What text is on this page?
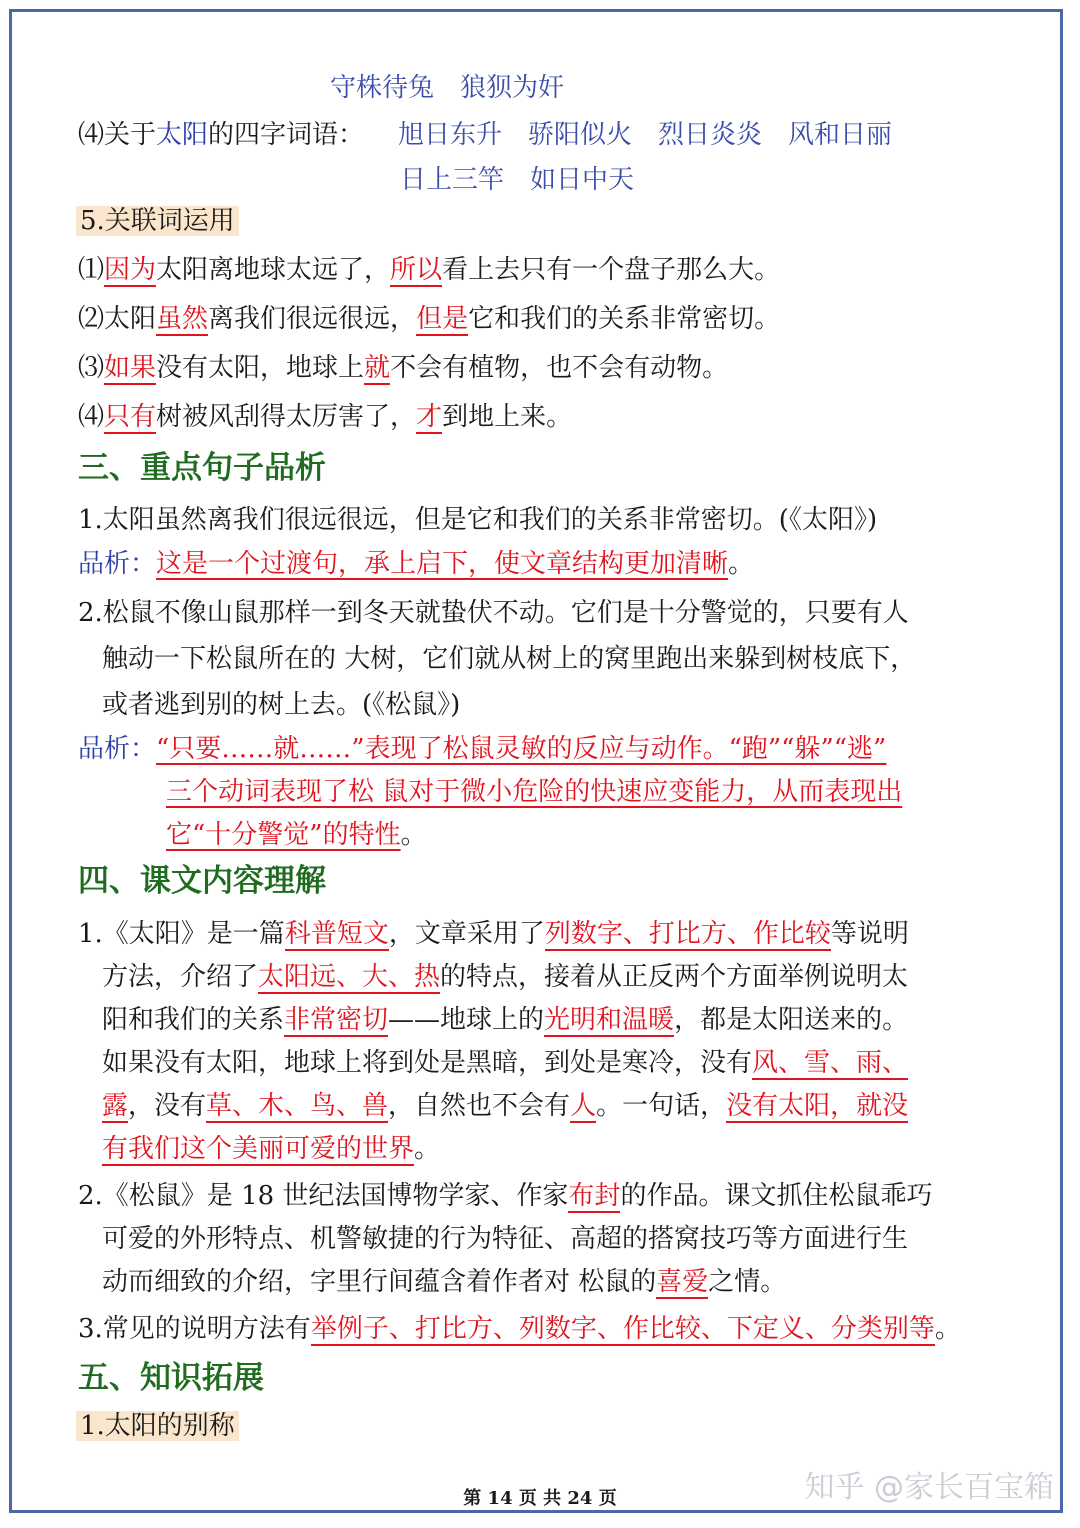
守株待兔　狼狈为奸
⑷关于太阳的四字词语： 旭日东升　骄阳似火　烈日炎炎　风和日丽
日上三竿　如日中天
5.关联词运用
⑴因为太阳离地球太远了，所以看上去只有一个盘子那么大。
⑵太阳虽然离我们很远很远，但是它和我们的关系非常密切。
⑶如果没有太阳，地球上就不会有植物，也不会有动物。
⑷只有树被风刮得太厉害了，才到地上来。
三、重点句子品析
1.太阳虽然离我们很远很远，但是它和我们的关系非常密切。(《太阳》)
品析：这是一个过渡句，承上启下，使文章结构更加清晰。
2.松鼠不像山鼠那样一到冬天就蛰伏不动。它们是十分警觉的，只要有人
触动一下松鼠所在的 大树，它们就从树上的窝里跑出来躲到树枝底下，
或者逃到别的树上去。(《松鼠》)
品析：“只要……就……”表现了松鼠灵敏的反应与动作。“跑”“躲”“逃”
三个动词表现了松 鼠对于微小危险的快速应变能力，从而表现出
它“十分警觉”的特性。
四、课文内容理解
1.《太阳》是一篇科普短文，文章采用了列数字、打比方、作比较等说明
方法，介绍了太阳远、大、热的特点，接着从正反两个方面举例说明太
阳和我们的关系非常密切——地球上的光明和温暖，都是太阳送来的。
如果没有太阳，地球上将到处是黑暗，到处是寒冷，没有风、雪、雨、
露，没有草、木、鸟、兽，自然也不会有人。一句话，没有太阳，就没
有我们这个美丽可爱的世界。
2.《松鼠》是 18 世纪法国博物学家、作家布封的作品。课文抓住松鼠乖巧
可爱的外形特点、机警敏捷的行为特征、高超的搭窝技巧等方面进行生
动而细致的介绍，字里行间蕴含着作者对 松鼠的喜爱之情。
3.常见的说明方法有举例子、打比方、列数字、作比较、下定义、分类别等。
五、知识拓展
1.太阳的别称
第 14 页 共 24 页	知乎 @家长百宝箱
